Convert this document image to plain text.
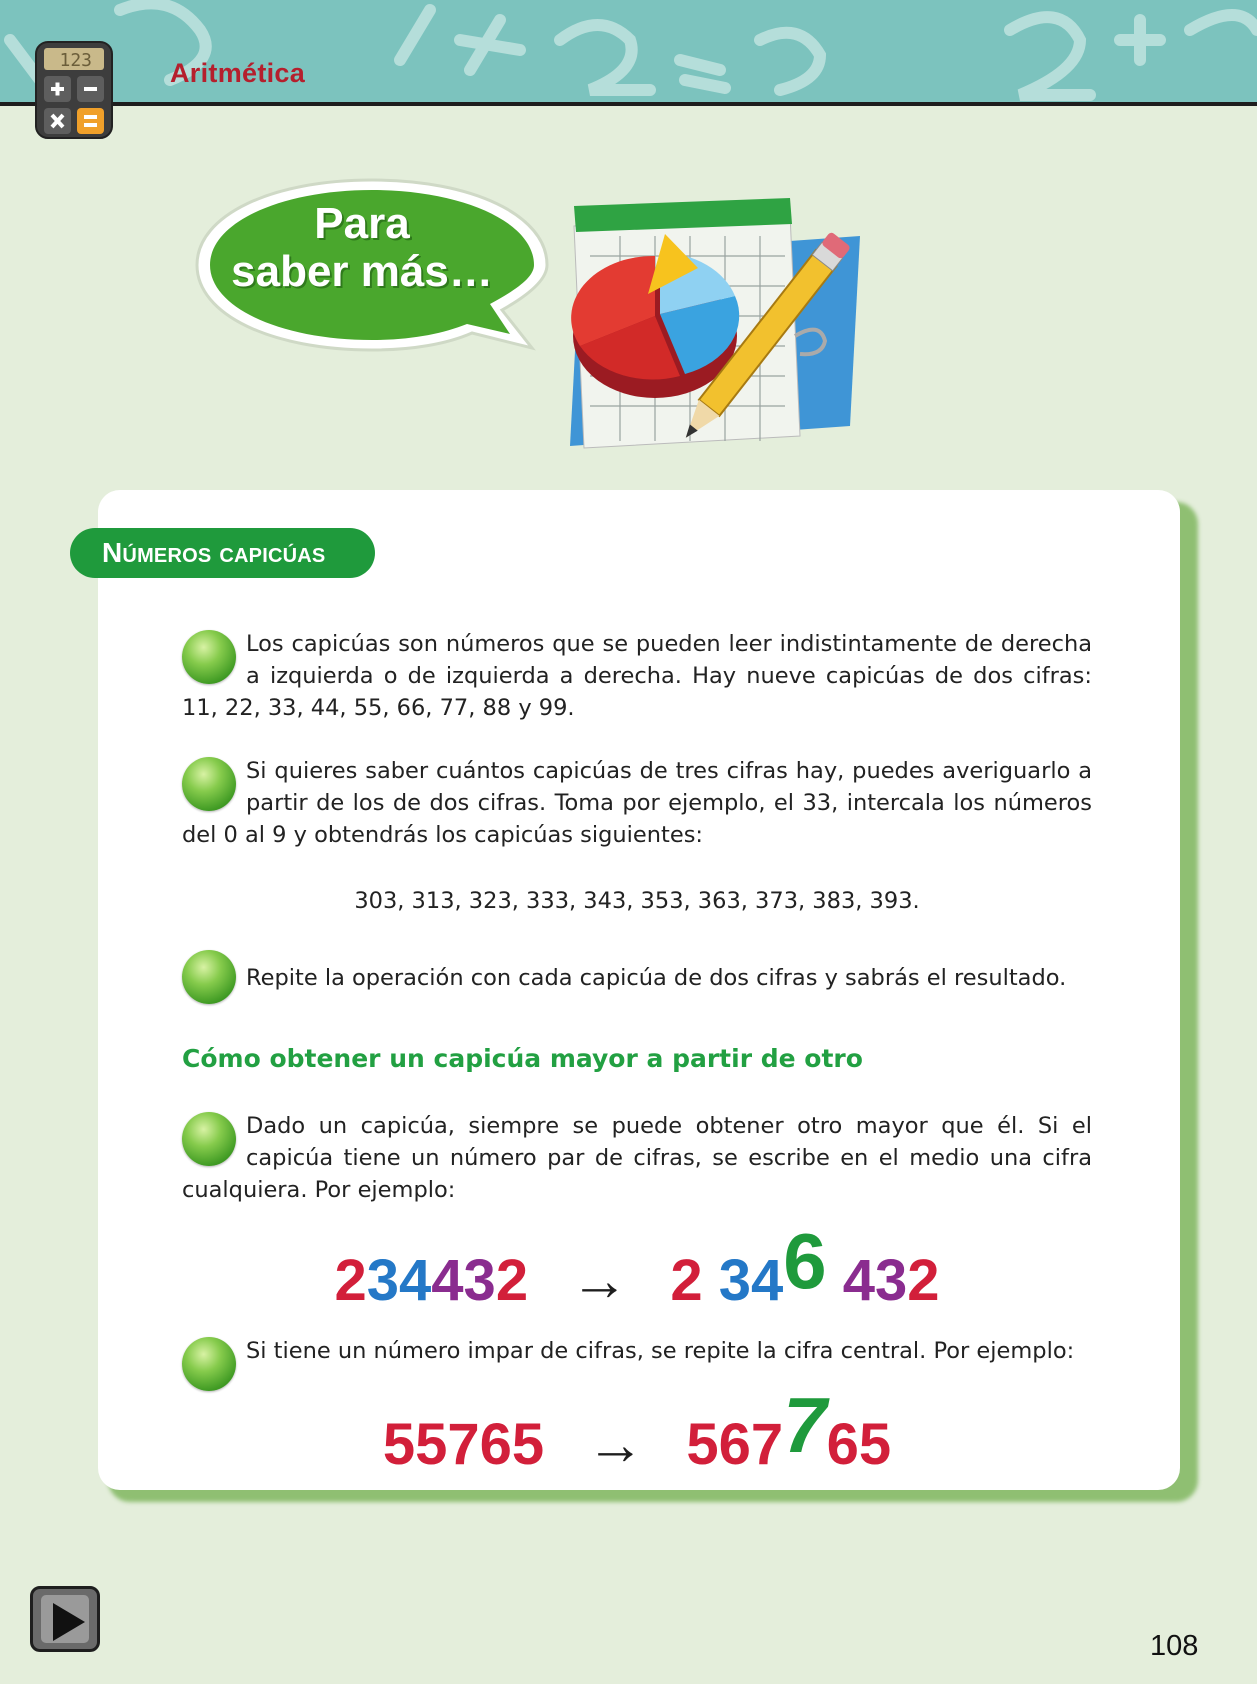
123	Aritmética
Para
saber más…
Números capicúas
Los capicúas son números que se pueden leer indistintamente de derecha a izquierda o de izquierda a derecha. Hay nueve capicúas de dos cifras: 11, 22, 33, 44, 55, 66, 77, 88 y 99.
Si quieres saber cuántos capicúas de tres cifras hay, puedes averiguarlo a partir de los de dos cifras. Toma por ejemplo, el 33, intercala los números del 0 al 9 y obtendrás los capicúas siguientes:
303, 313, 323, 333, 343, 353, 363, 373, 383, 393.
Repite la operación con cada capicúa de dos cifras y sabrás el resultado.
Cómo obtener un capicúa mayor a partir de otro
Dado un capicúa, siempre se puede obtener otro mayor que él. Si el capicúa tiene un número par de cifras, se escribe en el medio una cifra cualquiera. Por ejemplo:
234432 → 2 346 432
Si tiene un número impar de cifras, se repite la cifra central. Por ejemplo:
55765 → 567765
108
